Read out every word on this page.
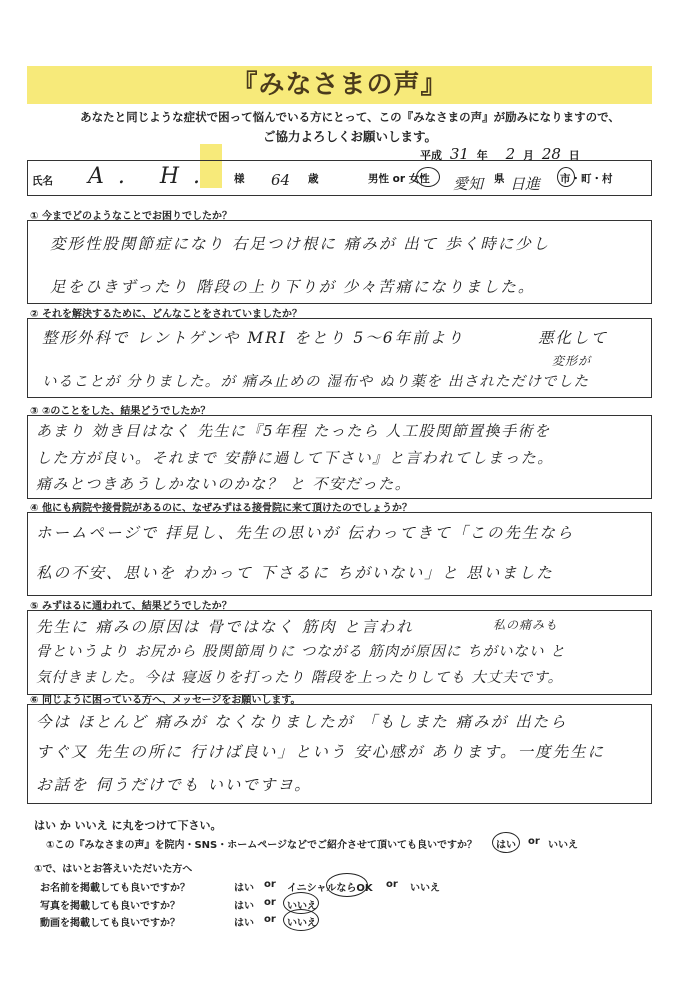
『みなさまの声』
あなたと同じような症状で困って悩んでいる方にとって、この『みなさまの声』が励みになりますので、
ご協力よろしくお願いします。
平成 31 年 2 月 28 日
氏名 A. H. 様 64 歳	男性 or 女性 愛知 県 日進 市・町・村
① 今までどのようなことでお困りでしたか？
変形性股関節症になり 右足つけ根に 痛みが 出て 歩く時に少し
足をひきずったり 階段の上り下りが 少々苦痛になりました。
② それを解決するために、どんなことをされていましたか？
整形外科で レントゲンや MRI をとり 5〜6年前より	悪化して
変形が
いることが 分りました。が 痛み止めの 湿布や ぬり薬を 出されただけでした
③ ②のことをした、結果どうでしたか？
あまり 効き目はなく 先生に『5年程 たったら 人工股関節置換手術を
した方が良い。それまで 安静に過して下さい』と言われてしまった。
痛みとつきあうしかないのかな？ と 不安だった。
④ 他にも病院や接骨院があるのに、なぜみずはる接骨院に来て頂けたのでしょうか？
ホームページで 拝見し、先生の思いが 伝わってきて「この先生なら
私の不安、思いを わかって 下さるに ちがいない」と 思いました
⑤ みずはるに通われて、結果どうでしたか？
先生に 痛みの原因は 骨ではなく 筋肉 と言われ	私の痛みも
骨というより お尻から 股関節周りに つながる 筋肉が原因に ちがいない と
気付きました。今は 寝返りを打ったり 階段を上ったりしても 大丈夫です。
⑥ 同じように困っている方へ、メッセージをお願いします。
今は ほとんど 痛みが なくなりましたが 「もしまた 痛みが 出たら
すぐ又 先生の所に 行けば良い」という 安心感が あります。一度先生に
お話を 伺うだけでも いいですヨ。
はい か いいえ に丸をつけて下さい。
①この『みなさまの声』を院内・SNS・ホームページなどでご紹介させて頂いても良いですか？ はい or いいえ
①で、はいとお答えいただいた方へ
お名前を掲載しても良いですか？	はい or イニシャルならOK or いいえ
写真を掲載しても良いですか？	はい or いいえ
動画を掲載しても良いですか？	はい or いいえ
